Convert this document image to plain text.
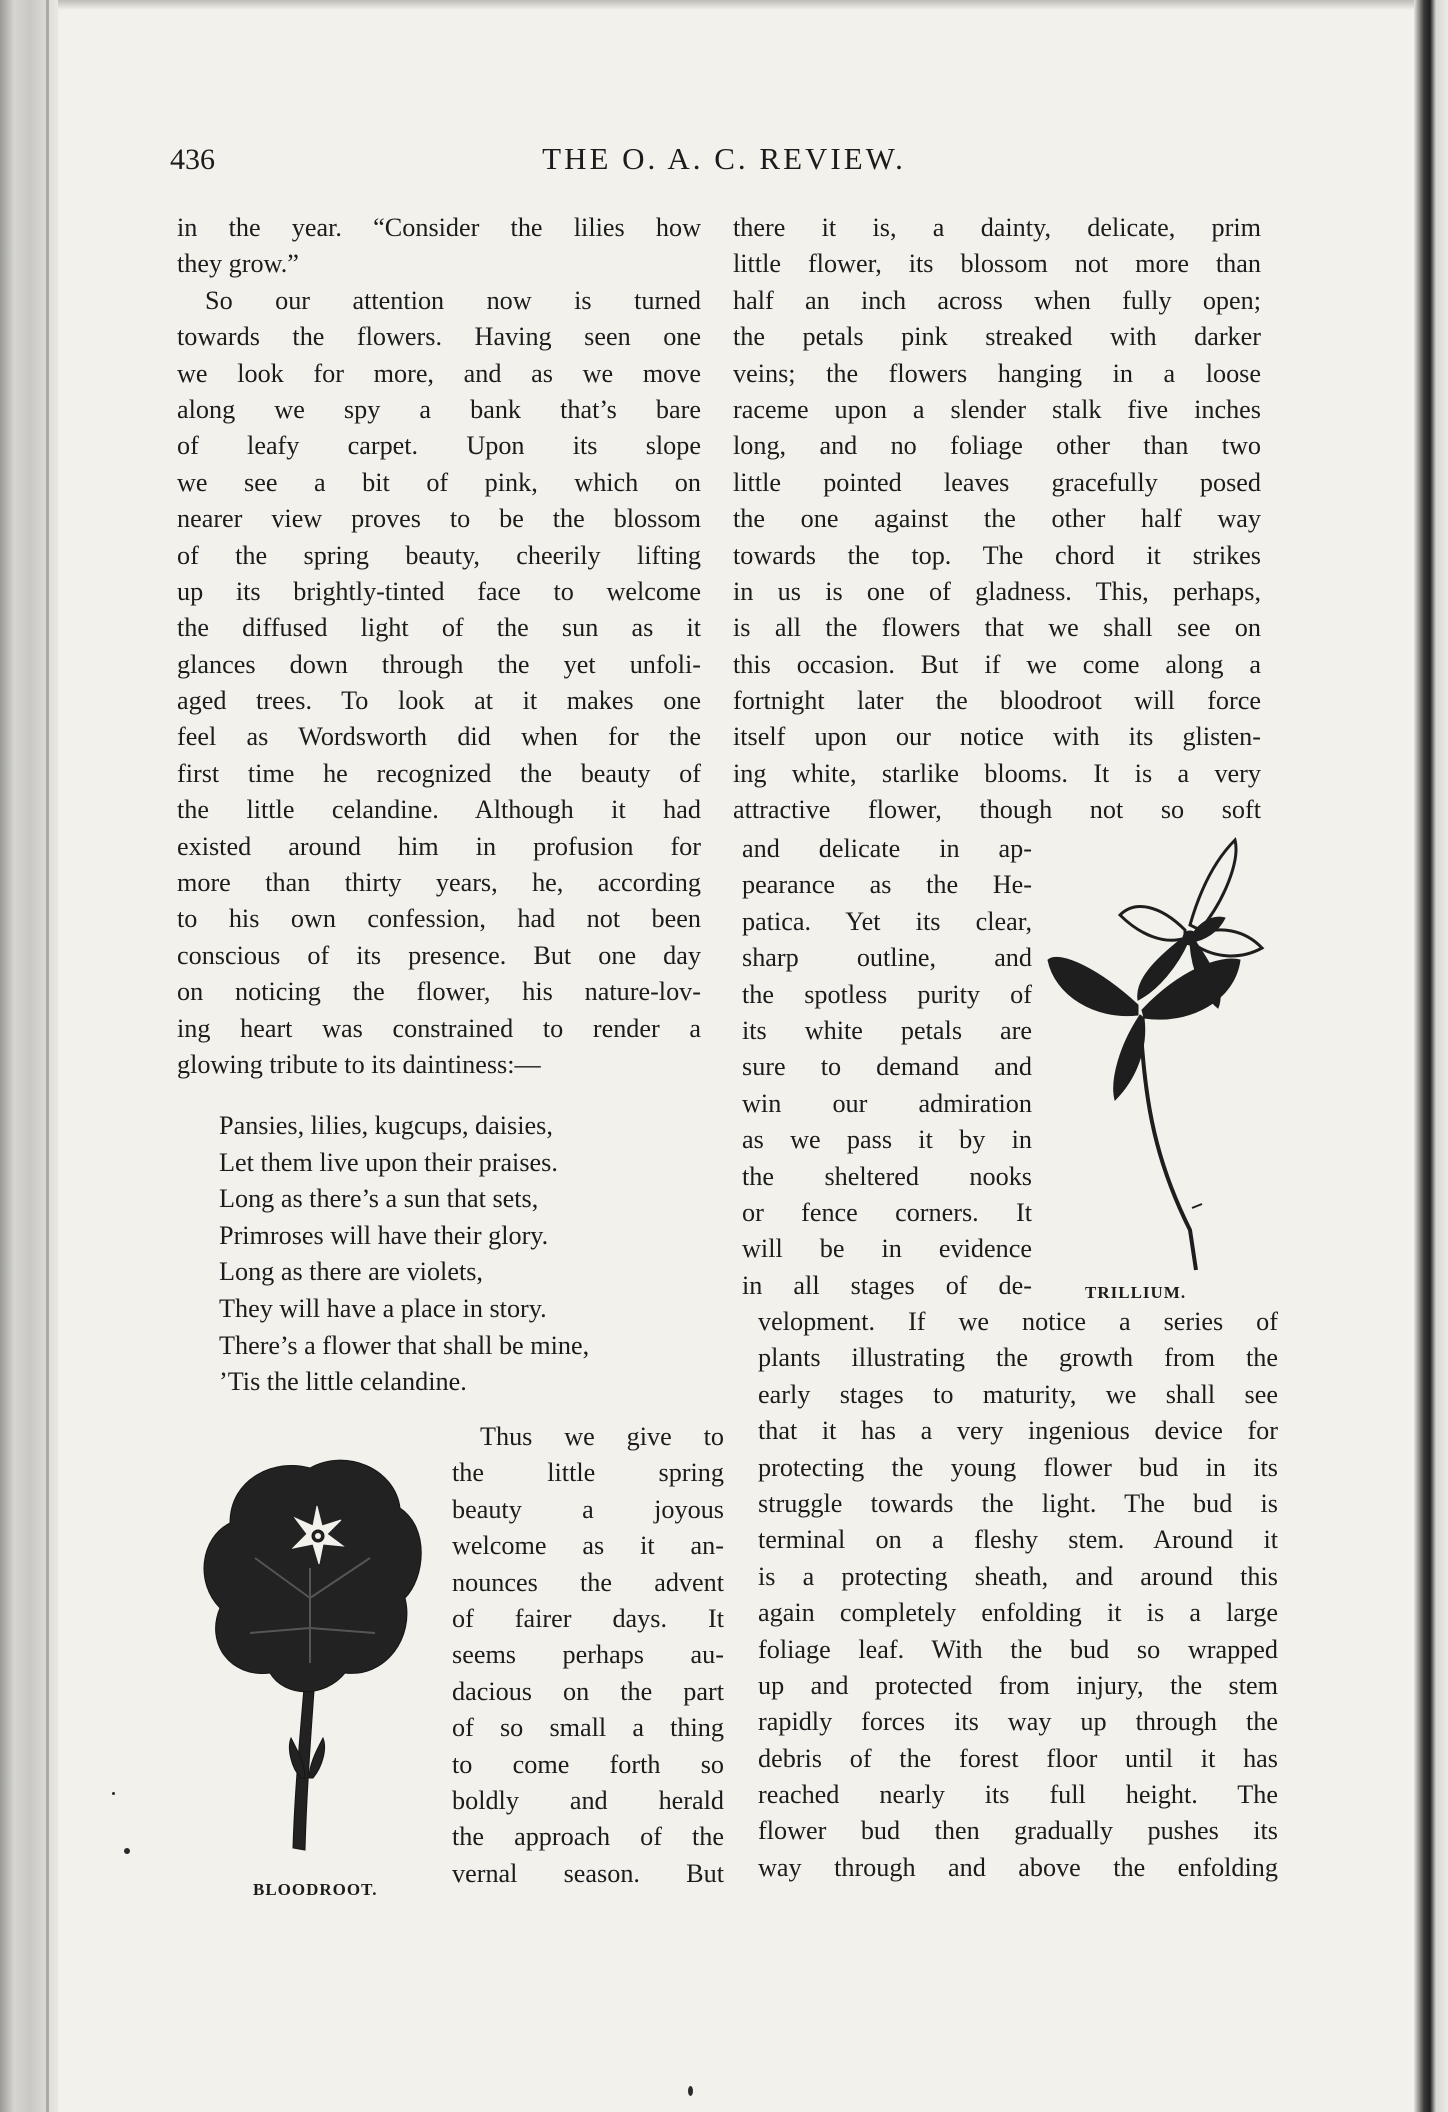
436	THE O. A. C. REVIEW.
in the year. “Consider the lilies how
they grow.”
So our attention now is turned
towards the flowers. Having seen one
we look for more, and as we move
along we spy a bank that’s bare
of leafy carpet. Upon its slope
we see a bit of pink, which on
nearer view proves to be the blossom
of the spring beauty, cheerily lifting
up its brightly-tinted face to welcome
the diffused light of the sun as it
glances down through the yet unfoli-
aged trees. To look at it makes one
feel as Wordsworth did when for the
first time he recognized the beauty of
the little celandine. Although it had
existed around him in profusion for
more than thirty years, he, according
to his own confession, had not been
conscious of its presence. But one day
on noticing the flower, his nature-lov-
ing heart was constrained to render a
glowing tribute to its daintiness:—
Pansies, lilies, kugcups, daisies,
Let them live upon their praises.
Long as there’s a sun that sets,
Primroses will have their glory.
Long as there are violets,
They will have a place in story.
There’s a flower that shall be mine,
’Tis the little celandine.
Thus we give to
the little spring
beauty a joyous
welcome as it an-
nounces the advent
of fairer days. It
seems perhaps au-
dacious on the part
of so small a thing
to come forth so
boldly and herald
the approach of the
vernal season. But
there it is, a dainty, delicate, prim
little flower, its blossom not more than
half an inch across when fully open;
the petals pink streaked with darker
veins; the flowers hanging in a loose
raceme upon a slender stalk five inches
long, and no foliage other than two
little pointed leaves gracefully posed
the one against the other half way
towards the top. The chord it strikes
in us is one of gladness. This, perhaps,
is all the flowers that we shall see on
this occasion. But if we come along a
fortnight later the bloodroot will force
itself upon our notice with its glisten-
ing white, starlike blooms. It is a very
attractive flower, though not so soft
and delicate in ap-
pearance as the He-
patica. Yet its clear,
sharp outline, and
the spotless purity of
its white petals are
sure to demand and
win our admiration
as we pass it by in
the sheltered nooks
or fence corners. It
will be in evidence
in all stages of de-
velopment. If we notice a series of
plants illustrating the growth from the
early stages to maturity, we shall see
that it has a very ingenious device for
protecting the young flower bud in its
struggle towards the light. The bud is
terminal on a fleshy stem. Around it
is a protecting sheath, and around this
again completely enfolding it is a large
foliage leaf. With the bud so wrapped
up and protected from injury, the stem
rapidly forces its way up through the
debris of the forest floor until it has
reached nearly its full height. The
flower bud then gradually pushes its
way through and above the enfolding
TRILLIUM.
BLOODROOT.
